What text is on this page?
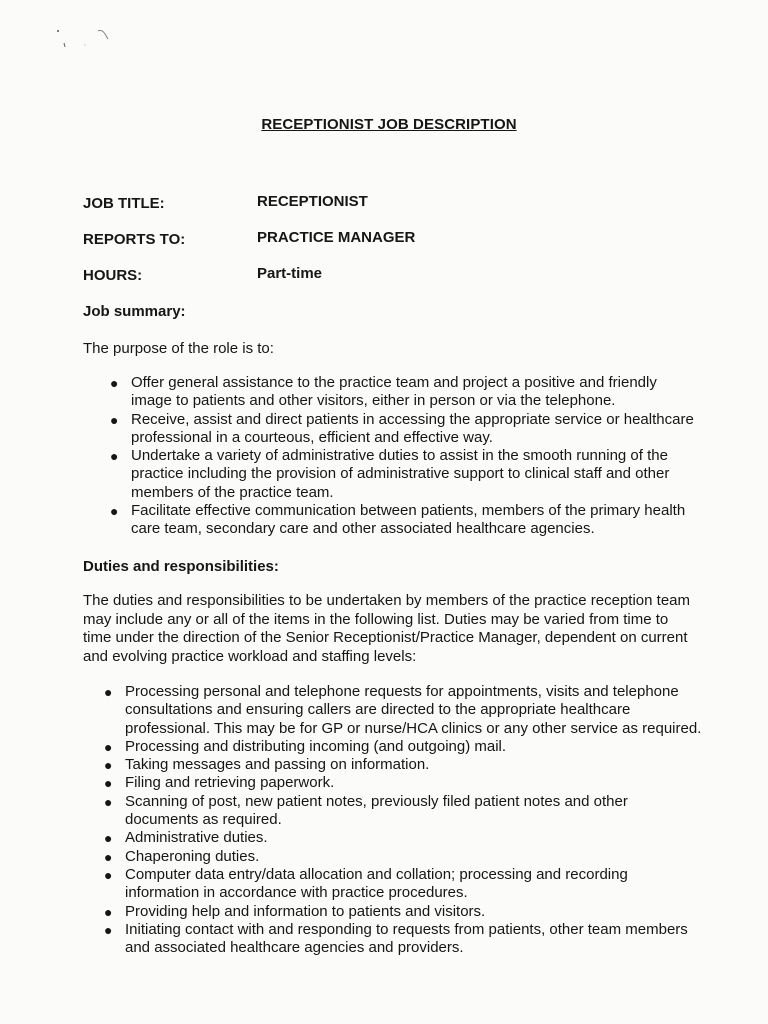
RECEPTIONIST JOB DESCRIPTION
JOB TITLE:	RECEPTIONIST
REPORTS TO:	PRACTICE MANAGER
HOURS:	Part-time
Job summary:

The purpose of the role is to:

● Offer general assistance to the practice team and project a positive and friendly image to patients and other visitors, either in person or via the telephone.
● Receive, assist and direct patients in accessing the appropriate service or healthcare professional in a courteous, efficient and effective way.
● Undertake a variety of administrative duties to assist in the smooth running of the practice including the provision of administrative support to clinical staff and other members of the practice team.
● Facilitate effective communication between patients, members of the primary health care team, secondary care and other associated healthcare agencies.
Duties and responsibilities:

The duties and responsibilities to be undertaken by members of the practice reception team may include any or all of the items in the following list. Duties may be varied from time to time under the direction of the Senior Receptionist/Practice Manager, dependent on current and evolving practice workload and staffing levels:

● Processing personal and telephone requests for appointments, visits and telephone consultations and ensuring callers are directed to the appropriate healthcare professional. This may be for GP or nurse/HCA clinics or any other service as required.
● Processing and distributing incoming (and outgoing) mail.
● Taking messages and passing on information.
● Filing and retrieving paperwork.
● Scanning of post, new patient notes, previously filed patient notes and other documents as required.
● Administrative duties.
● Chaperoning duties.
● Computer data entry/data allocation and collation; processing and recording information in accordance with practice procedures.
● Providing help and information to patients and visitors.
● Initiating contact with and responding to requests from patients, other team members and associated healthcare agencies and providers.
